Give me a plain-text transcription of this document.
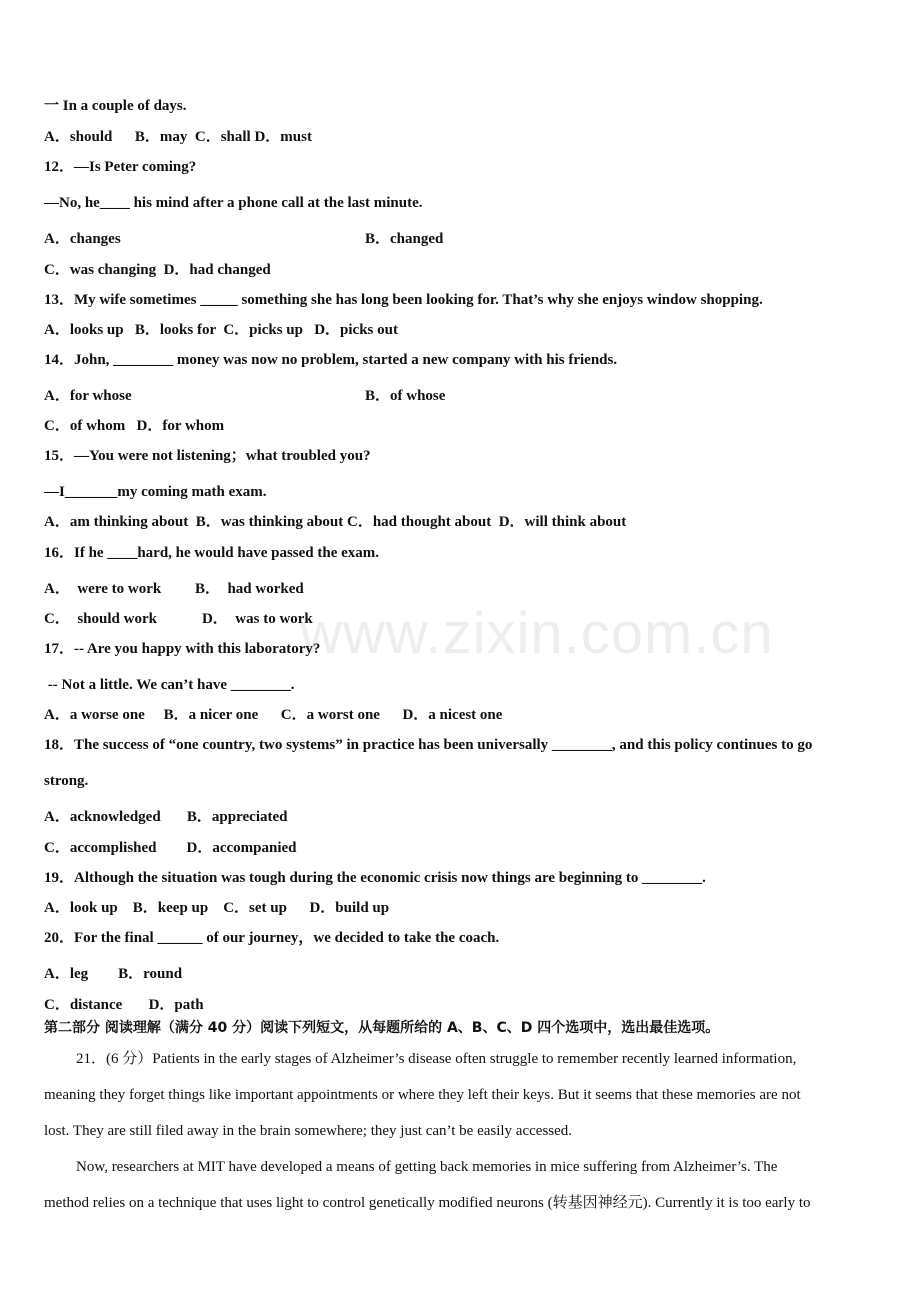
一 In a couple of days.
A．should      B．may  C．shall D．must
12．—Is Peter coming?
—No, he____ his mind after a phone call at the last minute.
A．changes	B．changed
C．was changing  D．had changed
13．My wife sometimes _____ something she has long been looking for. That’s why she enjoys window shopping.
A．looks up   B．looks for  C．picks up   D．picks out
14．John, ________ money was now no problem, started a new company with his friends.
A．for whose	B．of whose
C．of whom   D．for whom
15．—You were not listening；what troubled you?
—I_______my coming math exam.
A．am thinking about  B．was thinking about C．had thought about  D．will think about
16．If he ____hard, he would have passed the exam.
A．  were to work         B．  had worked
C．  should work            D．  was to work
17．-- Are you happy with this laboratory?
-- Not a little. We can’t have ________.
A．a worse one     B．a nicer one      C．a worst one      D．a nicest one
18．The success of “one country, two systems” in practice has been universally ________, and this policy continues to go
strong.
A．acknowledged       B．appreciated
C．accomplished        D．accompanied
19．Although the situation was tough during the economic crisis now things are beginning to ________.
A．look up    B．keep up    C．set up      D．build up
20．For the final ______ of our journey，we decided to take the coach.
A．leg        B．round
C．distance       D．path
第二部分 阅读理解（满分 40 分）阅读下列短文，从每题所给的 A、B、C、D 四个选项中，选出最佳选项。
21．(6 分）Patients in the early stages of Alzheimer’s disease often struggle to remember recently learned information,
meaning they forget things like important appointments or where they left their keys. But it seems that these memories are not
lost. They are still filed away in the brain somewhere; they just can’t be easily accessed.
Now, researchers at MIT have developed a means of getting back memories in mice suffering from Alzheimer’s. The
method relies on a technique that uses light to control genetically modified neurons (转基因神经元). Currently it is too early to
www.zixin.com.cn
